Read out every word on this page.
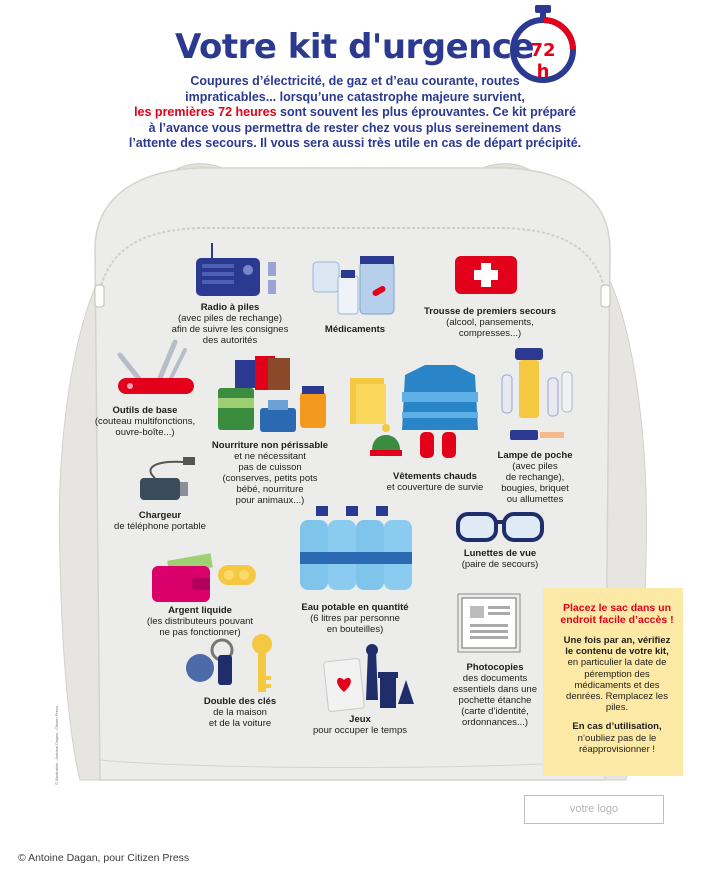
Votre kit d'urgence
72 h
Coupures d’électricité, de gaz et d’eau courante, routes
impraticables... lorsqu’une catastrophe majeure survient,
les premières 72 heures sont souvent les plus éprouvantes. Ce kit préparé
à l’avance vous permettra de rester chez vous plus sereinement dans
l’attente des secours. Il vous sera aussi très utile en cas de départ précipité.
Radio à piles
(avec piles de rechange)
afin de suivre les consignes
des autorités
Médicaments
Trousse de premiers secours
(alcool, pansements,
compresses...)
Outils de base
(couteau multifonctions,
ouvre-boîte...)
Nourriture non périssable
et ne nécessitant
pas de cuisson
(conserves, petits pots
bébé, nourriture
pour animaux...)
Vêtements chauds
et couverture de survie
Lampe de poche
(avec piles
de rechange),
bougies, briquet
ou allumettes
Chargeur
de téléphone portable
Lunettes de vue
(paire de secours)
Eau potable en quantité
(6 litres par personne
en bouteilles)
Argent liquide
(les distributeurs pouvant
ne pas fonctionner)
Double des clés
de la maison
et de la voiture	Jeux
pour occuper le temps
Photocopies
des documents
essentiels dans une
pochette étanche
(carte d’identité,
ordonnances...)
Placez le sac dans un endroit facile d’accès !

Une fois par an, vérifiez le contenu de votre kit, en particulier la date de péremption des médicaments et des denrées. Remplacez les piles.

En cas d’utilisation, n’oubliez pas de le réapprovisionner !

votre logo
© Illustration : Antoine Dagan - Citizen Press
© Antoine Dagan, pour Citizen Press
